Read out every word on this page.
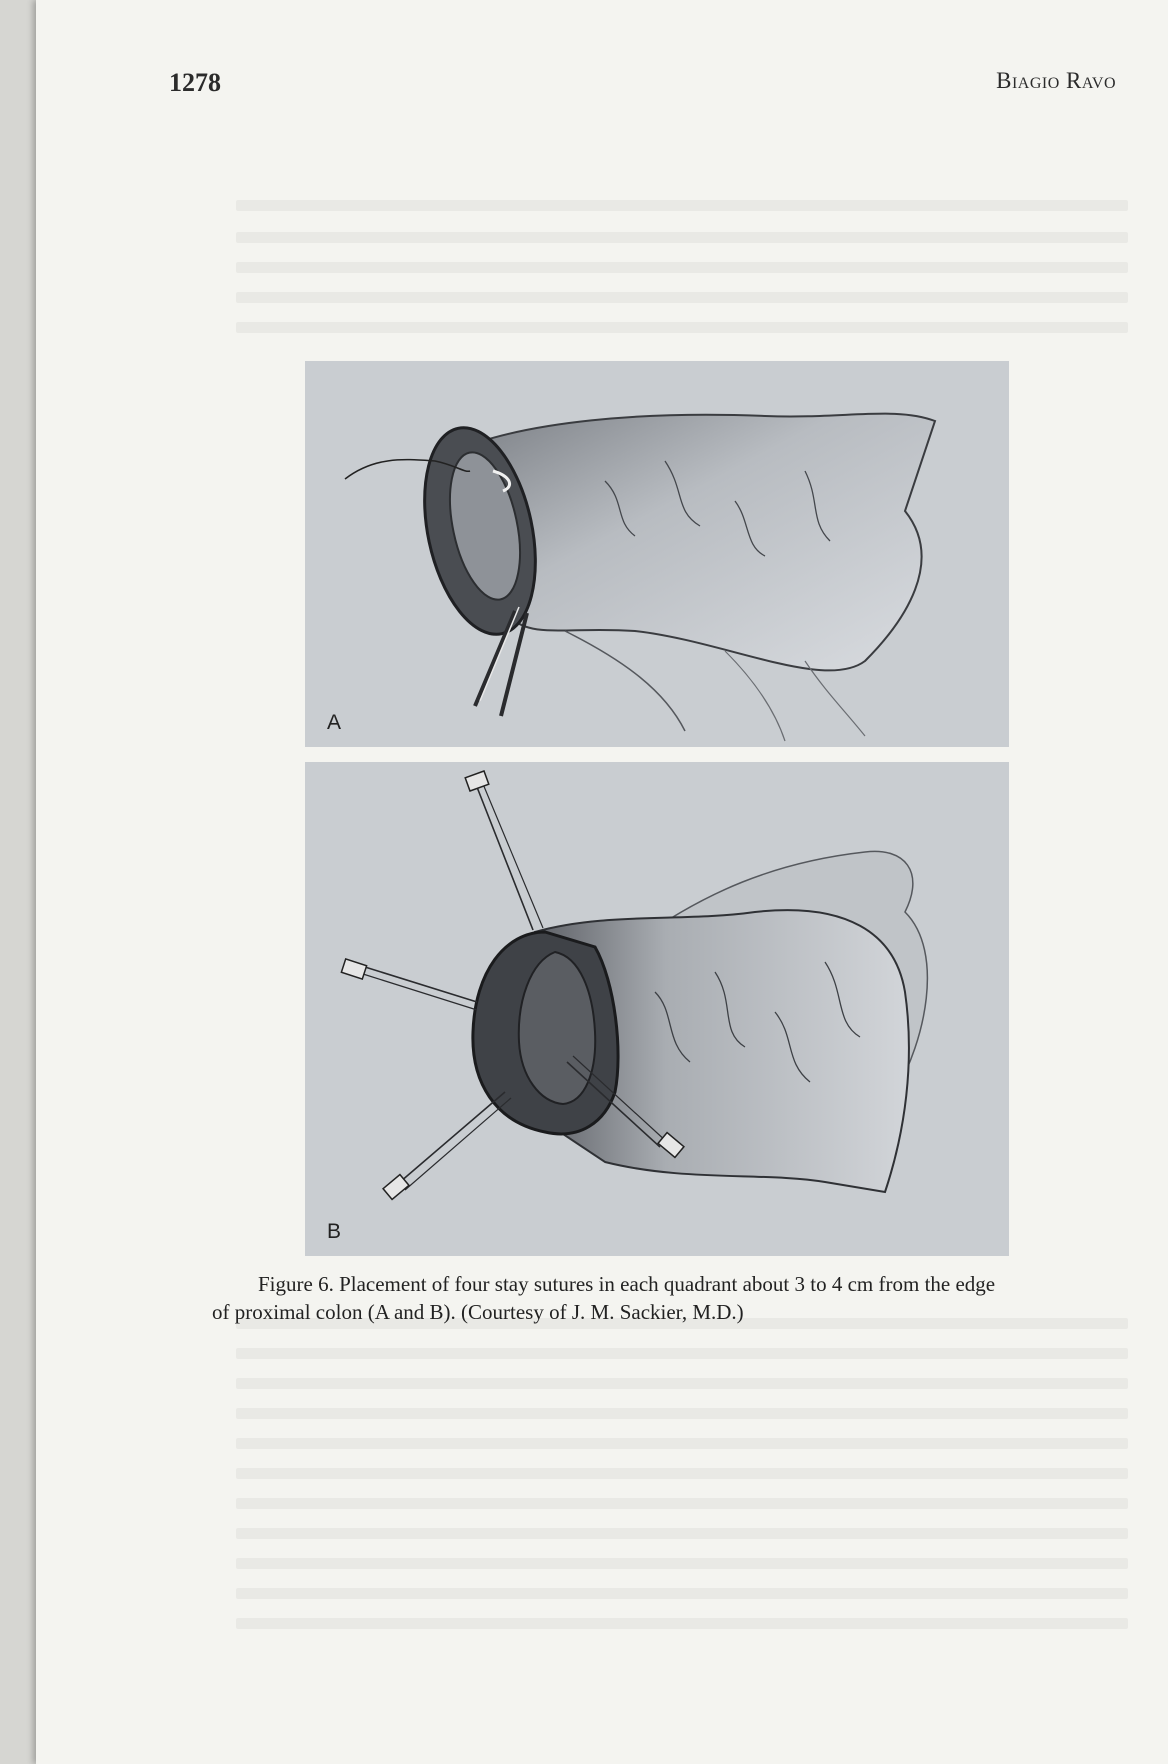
1278	Biagio Ravo
A
B
Figure 6. Placement of four stay sutures in each quadrant about 3 to 4 cm from the edge
of proximal colon (A and B). (Courtesy of J. M. Sackier, M.D.)
